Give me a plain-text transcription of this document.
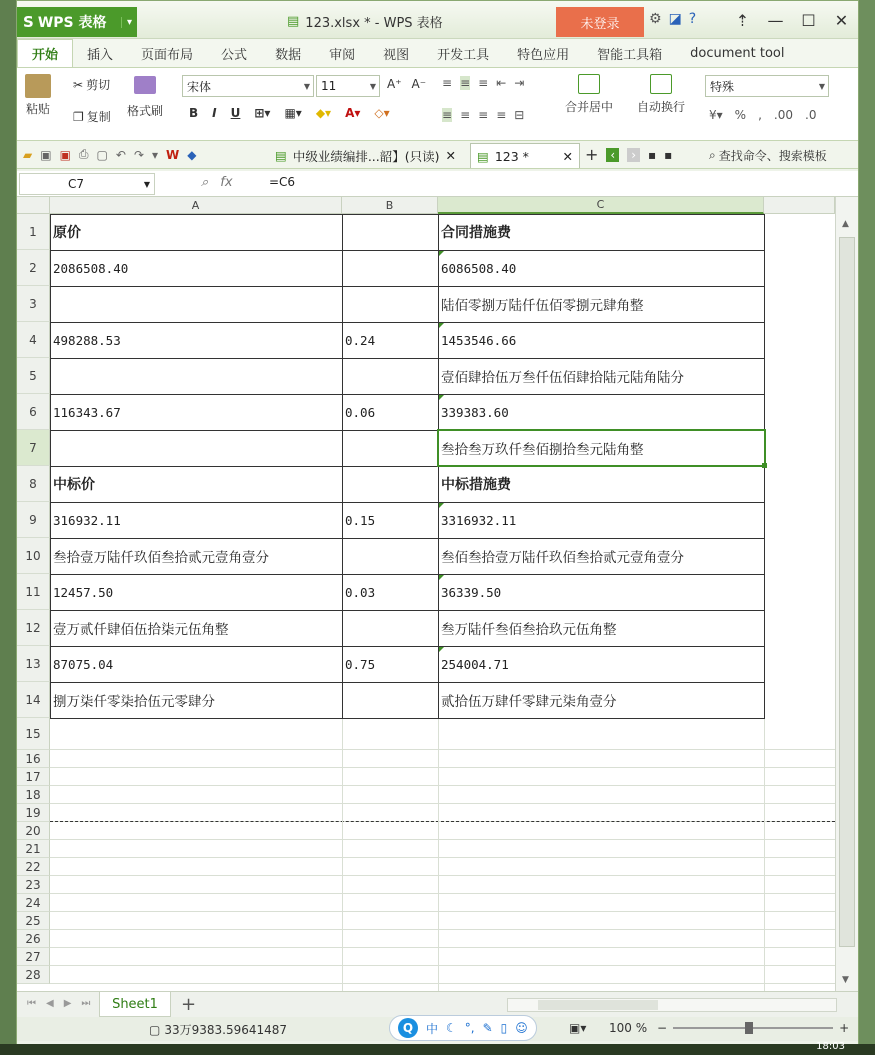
S WPS 表格	▾	▤ 123.xlsx * - WPS 表格	未登录	⚙ ◪ ?	⇡	—	☐	✕
开始	插入	页面布局	公式	数据	审阅	视图	开发工具	特色应用	智能工具箱	document tool
粘贴
✂ 剪切
❐ 复制 格式刷
宋体	▼ 11	▼ A⁺ A⁻
B I U ⊞▾ ▦▾ ◆▾ A▾ ◇▾
≡ ≡ ≡ ⇤ ⇥
≡ ≡ ≡ ≡ ⊟
合并居中 自动换行
特殊	▼
¥▾ % , .00 .0
▰ ▣ ▣ ⎙ ▢ ↶ ↷ ▾ W ◆	▤ 中级业绩编排...韶】(只读) ✕ ▤ 123 *	✕ +	‹	›	▪ ▪	⌕ 查找命令、搜索模板
C7	▼	⌕ fx	=C6
A	B	C
1	原价	合同措施费
2	2086508.40	6086508.40
3	陆佰零捌万陆仟伍佰零捌元肆角整
4	498288.53	0.24	1453546.66
5	壹佰肆拾伍万叁仟伍佰肆拾陆元陆角陆分
6	116343.67	0.06	339383.60
7	叁拾叁万玖仟叁佰捌拾叁元陆角整
8	中标价	中标措施费
9	316932.11	0.15	3316932.11
10 叁拾壹万陆仟玖佰叁拾贰元壹角壹分	叁佰叁拾壹万陆仟玖佰叁拾贰元壹角壹分
11 12457.50	0.03	36339.50
12 壹万贰仟肆佰伍拾柒元伍角整	叁万陆仟叁佰叁拾玖元伍角整
13 87075.04	0.75	254004.71
14 捌万柒仟零柒拾伍元零肆分	贰拾伍万肆仟零肆元柒角壹分
15
16
17
18
19
20
21
22
23
24
25
26
27
28
▲
▼
⏮ ◀ ▶ ⏭	Sheet1	+
▢ 33万9383.59641487	Q	中 ☾ °, ✎ ▯ ☺	▣▾ 100 % −	+
18:03
